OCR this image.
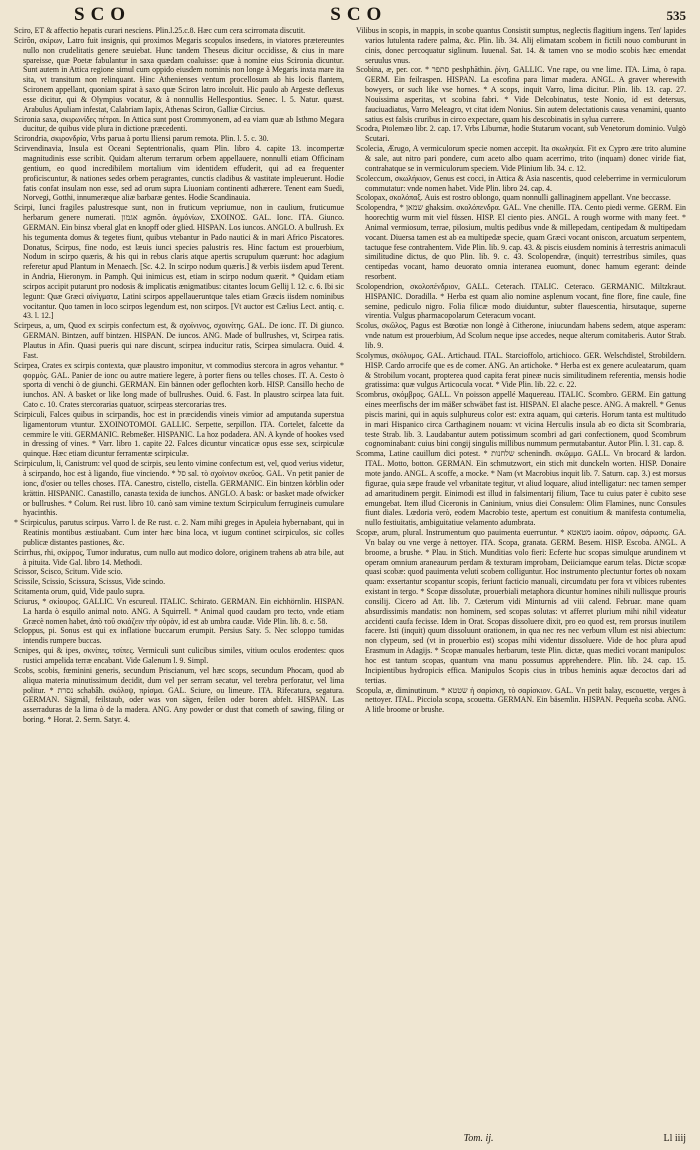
SCO	SCO	535

Sciro, ET & affectio hepatis curari nesciens. Plin.l.25.c.8. Hæc cum cera scirromata discutit.

Scirōn, σκίρων, Latro fuit insignis, qui proximos Megaris scopulos insedens, in viatores prætereuntes nullo non crudelitatis genere sæuiebat. Hunc tandem Theseus dicitur occidisse, & cius in mare spareisse, quæ Poetæ fabulantur in saxa quædam coaluisse: quæ à nomine eius Scironia dicuntur. Sunt autem in Attica regione simul cum oppido eiusdem nominis non longe à Megaris inxta mare ita sita, vt transitum non relinquant. Hinc Athenienses ventum procellosum ab his locis flantem, Scironem appellant, quoniam spirat à saxo quæ Sciron latro incoluit. Hic paulo ab Argeste deflexus esse dicitur, qui & Olympius vocatur, & à nonnullis Hellespontius. Senec. l. 5. Natur. quæst. Arabulus Apuliam infestat, Calabriam Iapix, Athenas Sciron, Galliæ Circius.

Scironia saxa, σκιρωνίδες πέτραι. In Attica sunt post Crommyonem, ad ea viam quæ ab Isthmo Megara ducitur, de quibus vide plura in dictione præcedenti.

Scirondria, σκιρονδρία, Vrbs parua à portu Iliensi parum remota. Plin. l. 5. c. 30.

Scirvendinavia, Insula est Oceani Septentrionalis, quam Plin. libro 4. capite 13. incompertæ magnitudinis esse scribit. Quidam alterum terrarum orbem appellauere, nonnulli etiam Officinam gentium, eo quod incredibilem mortalium vim identidem effuderit, qui ad ea frequenter proficiscuntur, & nationes sedes orbem peragrantes, cunctis cladibus & vastitate impleuerunt. Hodie fatis confat insulam non esse, sed ad orum supra Liuoniam continenti adhærere. Tenent eam Suedi, Norvegi, Gotthi, innumeræque aliæ barbaræ gentes. Hodie Scandinauia.

Scirpi, Iunci fragiles palustresque sunt, non in fruticum vepriumue, non in caulium, fruticumue herbarum genere numerati. אגמון agmōn. ἀγμόνίων, ΣΧΟΙΝΟΣ. GAL. Ionc. ITA. Giunco. GERMAN. Ein binsz vberal glat en knopff oder glied. HISPAN. Los iuncos. ANGLO. A bullrush. Ex his tegumenta domus & tegetes fiunt, quibus vtebantur in Pado nautici & in mari Africo Piscatores. Donatus, Scirpus, fine nodo, est læuis iunci species palustris res. Hinc factum est prouerbium, Nodum in scirpo quæris, & his qui in rebus claris atque apertis scrupulum quærunt: hoc adagium referetur apud Plantum in Menaech. [Sc. 4.2. In scirpo nodum quæris.] & verbis iisdem apud Terent. in Andria, Hieronym. in Pamph. Qui inimicus est, etiam in scirpo nodum quærit. * Quidam etiam scirpos accipit putarunt pro nodosis & implicatis ænigmatibus: citantes locum Gellij l. 12. c. 6. Ibi sic legunt: Quæ Græci αἰνίγματα, Latini scirpos appellaueruntque tales etiam Græcis iisdem nominibus vocitantur. Quo tamen in loco scirpos legendum est, non scirpos. [Vt auctor est Cælius Lect. antiq. c. 43. l. 12.]

Scirpeus, a, um, Quod ex scirpis confectum est, & σχοίνινος, σχοινίτης. GAL. De ionc. IT. Di giunco. GERMAN. Bintzen, auff bintzen. HISPAN. De iuncos. ANG. Made of bullrushes, vt, Scirpea ratis. Plautus in Afin. Quasi pueris qui nare discunt, scirpea inducitur ratis, Scirpea simulacra. Ouid. 4. Fast.

Scirpea, Crates ex scirpis contexta, quæ plaustro imponitur, vt commodius stercora in agros vehantur. * φορμὸς. GAL. Panier de ionc ou autre matiere legere, à porter fiens ou telles choses. IT. A. Cesto ò sporta di venchi ò de giunchi. GERMAN. Ein bännen oder geflochten korb. HISP. Cansillo hecho de iunchos. AN. A basket or like long made of bullrushes. Ouid. 6. Fast. In plaustro scirpea lata fuit. Cato c. 10. Crates stercorarias quatuor, scirpeas stercorarias tres.

Scirpiculi, Falces quibus in scirpandis, hoc est in præcidendis vineis vimior ad amputanda superstua ligamentorum vtuntur. ΣΧΟΙΝΟΤΟΜΟΙ. GALLIC. Serpette, serpillon. ITA. Cortelet, falcette da cemmire le viti. GERMANIC. Rebmeßer. HISPANIC. La hoz podadera. AN. A kynde of hookes vsed in dressing of vines. * Varr. libro 1. capite 22. Falces dicuntur vincaticæ opus esse sex, scirpiculæ quinque. Hæc etiam dicuntur ferramentæ scirpiculæ.

Scirpiculum, li, Canistrum: vel quod de scirpis, seu lento vimine confectum est, vel, quod verius videtur, à scirpando, hoc est à ligando, fiue vinciendo. * סל sal. τὸ σχοίνιον σκεῦος. GAL. Vn petit panier de ionc, d'osier ou telles choses. ITA. Canestro, cistello, cistella. GERMANIC. Ein bintzen körblin oder krättin. HISPANIC. Canastillo, canasta texida de iunchos. ANGLO. A bask: or basket made ofwicker or bullrushes. * Colum. Rei rust. libro 10. canò sam vimine textum Scirpiculum ferrugineis cumulare hyacinthis.

* Scirpiculus, parutus scirpus. Varro l. de Re rust. c. 2. Nam mihi greges in Apuleia hybernabant, qui in Reatinis montibus æstiuabant. Cum inter hæc bina loca, vt iugum continet scirpiculos, sic colles publicæ distantes pastiones, &c.

Scirrhus, rhi, σκίρρος, Tumor induratus, cum nullo aut modico dolore, originem trahens ab atra bile, aut à pituita. Vide Gal. libro 14. Methodi.

Scissor, Scisco, Scitum. Vide scio.

Scissile, Scissio, Scissura, Scissus, Vide scindo.

Scitamenta orum, quid, Vide paulo supra.

Sciurus, * σκίουρος. GALLIC. Vn escureul. ITALIC. Schirato. GERMAN. Ein eichhörnlin. HISPAN. La harda ò esquilo animal noto. ANG. A Squirrell. * Animal quod caudam pro tecto, vnde etiam Græcè nomen habet, ἀπὸ τοῦ σκιάζειν τὴν οὐρὰν, id est ab umbra caudæ. Vide Plin. lib. 8. c. 58.

Scloppus, pi. Sonus est qui ex inflatione buccarum erumpit. Persius Saty. 5. Nec scloppo tumidas intendis rumpere buccas.

Scnipes, qui & ipes, σκνίπες, τσίπες. Vermiculi sunt culicibus similes, vitium oculos erodentes: quos rustici ampelida terræ encabant. Vide Galenum l. 9. Simpl.

Scobs, scobis, fœminini generis, secundum Priscianum, vel hæc scops, secundum Phocam, quod ab aliqua materia minutissimum decidit, dum vel per serram secatur, vel terebra perforatur, vel lima politur. * נסרת schabâh. σκόλοψ, πρίσμα. GAL. Sciure, ou limeure. ITA. Rifecatura, segatura. GERMAN. Sägmäl, feilstaub, oder was von sägen, feilen oder boren abfelt. HISPAN. Las asserraduras de la lima ò de la madera. ANG. Any powder or dust that cometh of sawing, filing or boring. * Horat. 2. Serm. Satyr. 4.

Vilibus in scopis, in mappis, in scobe quantus Consistit sumptus, neglectis flagitium ingens. Ten' lapides varios lutulenta radere palma, &c. Plin. lib. 34. Alij elimatam scobem in fictili nouo comburunt in cinis, donec percoquatur siglinum. Iuuenal. Sat. 14. & tamen vno se modio scobis hæc emendat seruulus vnus.

Scobina, æ, per. cor. * סתפר peshphāthin. ῥίνη. GALLIC. Vne rape, ou vne lime. ITA. Lima, ò rapa. GERM. Ein feilraspen. HISPAN. La escofina para limar madera. ANGL. A graver wherewith bowyers, or such like vse hornes. * A scops, inquit Varro, lima dicitur. Plin. lib. 13. cap. 27. Nouissima asperitas, vt scobina fabri. * Vide Delcobinatus, teste Nonio, id est detersus, fauciuadiatus, Varro Meleagro, vt citat idem Nonius. Sin autem delectationis causa venamini, quanto satius est falsis cruribus in circo expectare, quam his descobinatis in sylua currere.

Scodra, Ptolemæo libr. 2. cap. 17. Vrbs Liburnæ, hodie Stutarum vocant, sub Venetorum dominio. Vulgò Scutari.

Scolecia, Ærugo, A vermiculorum specie nomen accepit. Ita σκωληκία. Fit ex Cypro ære trito alumine & sale, aut nitro pari pondere, cum aceto albo quam acerrimo, trito (inquam) donec viride fiat, contrahatque se in vermiculorum speciem. Vide Plinium lib. 34. c. 12.

Scoleccum, σκωλήκιον, Genus est cocci, in Attica & Asia nascentis, quod celeberrime in vermiculorum commutatur: vnde nomen habet. Vide Plin. libro 24. cap. 4.

Scolopax, σκολόπαξ. Auis est rostro oblongo, quam nonnulli gallinaginem appellant. Vne beccasse.

Scolopendra, * שמאן ghaksim. σκολόπενδρα. GAL. Vne chenille. ITA. Cento piedi verme. GERM. Ein hoorechtig wurm mit viel füssen. HISP. El ciento pies. ANGL. A rough worme with many feet. * Animal vermiosum, terrae, pilosium, multis pedibus vnde & millepedam, centipedam & multipedam vocant. Diuersa tamen est ab ea multipedæ specie, quam Græci vocant oniscon, arcuatum serpentem, tactuque fese contrahentem. Vide Plin. lib. 9. cap. 43. & piscis eiusdem nominis à terrestris animaculi similitudine dictus, de quo Plin. lib. 9. c. 43. Scolopendræ, (inquit) terrestribus similes, quas centipedas vocant, hamo deuorato omnia interanea euomunt, donec hamum egerant: deinde resorbent.

Scolopendrion, σκολοπένδριον, GALL. Ceterach. ITALIC. Ceteraco. GERMANIC. Miltzkraut. HISPANIC. Doradilla. * Herba est quam alio nomine asplenum vocant, fine flore, fine caule, fine semine, pediculo nigro. Folia filicæ modo diuiduntur, subter flauescentia, hirsutaque, superne virentia. Vulgus pharmacopolarum Ceteracum vocant.

Scolus, σκῶλος, Pagus est Bœotiæ non longè à Citherone, iniucundam habens sedem, atque asperam: vnde natum est prouerbium, Ad Scolum neque ipse accedes, neque alterum comitaberis. Autor Strab. lib. 9.

Scolymus, σκόλυμος. GAL. Artichaud. ITAL. Starcioffolo, artichioco. GER. Welschdistel, Strobildern. HISP. Cardo arrocife que es de comer. ANG. An artichoke. * Herba est ex genere aculeatarum, quam & Strobilum vocant, propterea quod capita ferat pineæ nucis similitudinem referentia, mensis hodie gratissima: quæ vulgus Articocula vocat. * Vide Plin. lib. 22. c. 22.

Scombrus, σκόμβρος. GALL. Vn poisson appellé Maquereau. ITALIC. Scombro. GERM. Ein gattung eines meerfischs der im mäßer schwäbet fast ist. HISPAN. El alache pesce. ANG. A makrell. * Genus piscis marini, qui in aquis sulphureus color est: extra aquam, qui cæteris. Horum tanta est multitudo in mari Hispanico circa Carthaginem nouam: vt vicina Herculis insula ab eo dicta sit Scombraria, teste Strab. lib. 3. Laudabantur autem potissimum scombri ad gari confectionem, quod Scombrum cognominabant: cuius bini congij singulis millibus nummum permutabantur. Autor Plin. l. 31. cap. 8.

Scomma, Latine cauillum dici potest. * שלחנות schenindh. σκῶμμα. GALL. Vn brocard & lardon. ITAL. Motto, botton. GERMAN. Ein schmutzwort, ein stich mit dunckeln worten. HISP. Donaire mote jando. ANGL. A scoffe, a mocke. * Nam (vt Macrobius inquit lib. 7. Saturn. cap. 3.) est morsus figurae, quia sæpe fraude vel vrbanitate tegitur, vt aliud loquare, aliud intelligatur: nec tamen semper ad amaritudinem pergit. Einimodi est illud in falsimentarij filium, Tace tu cuius pater è cubito sese emungebat. Item illud Ciceronis in Caninium, vnius diei Consulem: Olim Flamines, nunc Consules fiunt diales. Lœdoria verò, eodem Macrobio teste, apertum est conuitium & manifesta contumelia, nullo festiuitatis, ambiguitatiue velamento adumbrata.

Scopæ, arum, plural. Instrumentum quo pauimenta euerruntur. * מטאטא iaoim. σάρον, σάρωσις. GA. Vn balay ou vne verge à nettoyer. ITA. Scopa, granata. GERM. Besem. HISP. Escoba. ANGL. A broome, a brushe. * Plau. in Stich. Munditias volo fieri: Ecferte huc scopas simulque arundinem vt operam omnium araneaurum perdam & texturam improbam, Deiiciamque earum telas. Dictæ scopæ quasi scobæ: quod pauimenta veluti scobem colliguntur. Hoc instrumento plectuntur fortes ob noxam quam: exsertantur scopantur scopis, feriunt facticio manuali, circumdatu per fora vt vibices rubentes existant in tergo. * Scopæ dissolutæ, prouerbiali metaphora dicuntur homines nihili nullisque prouris consilij. Cicero ad Att. lib. 7. Cæterum vidi Minturnis ad viii calend. Februar. mane quam absurdissimis mandatis: non hominem, sed scopas solutas: vt afferret plurium mihi nihil videatur accidenti caufa fecisse. Idem in Orat. Scopas dissoluere dixit, pro eo quod est, rem prorsus inutilem facere. Isti (inquit) quum dissoluunt orationem, in qua nec res nec verbum vllum est nisi abiectum: non clypeum, sed (vt in prouerbio est) scopas mihi videntur dissoluere. Vide de hoc plura apud Erasmum in Adagijs. * Scopæ manuales herbarum, teste Plin. dictæ, quas medici vocant manipulos: hoc est tantum scopas, quantum vna manu possumus apprehendere. Plin. lib. 24. cap. 15. Incipientibus hydropicis effica. Manipulos Scopis cius in tribus heminis aquæ decoctos dari ad tertias.

Scopula, æ, diminutinum. * שטטא ἡ σαρίσκη, τὸ σαρίσκιον. GAL. Vn petit balay, escouette, verges à nettoyer. ITAL. Picciola scopa, scouetta. GERMAN. Ein bäsemlin. HISPAN. Pequeña scoba. ANG. A litle broome or brushe.

Tom. ij.	Ll iiij
